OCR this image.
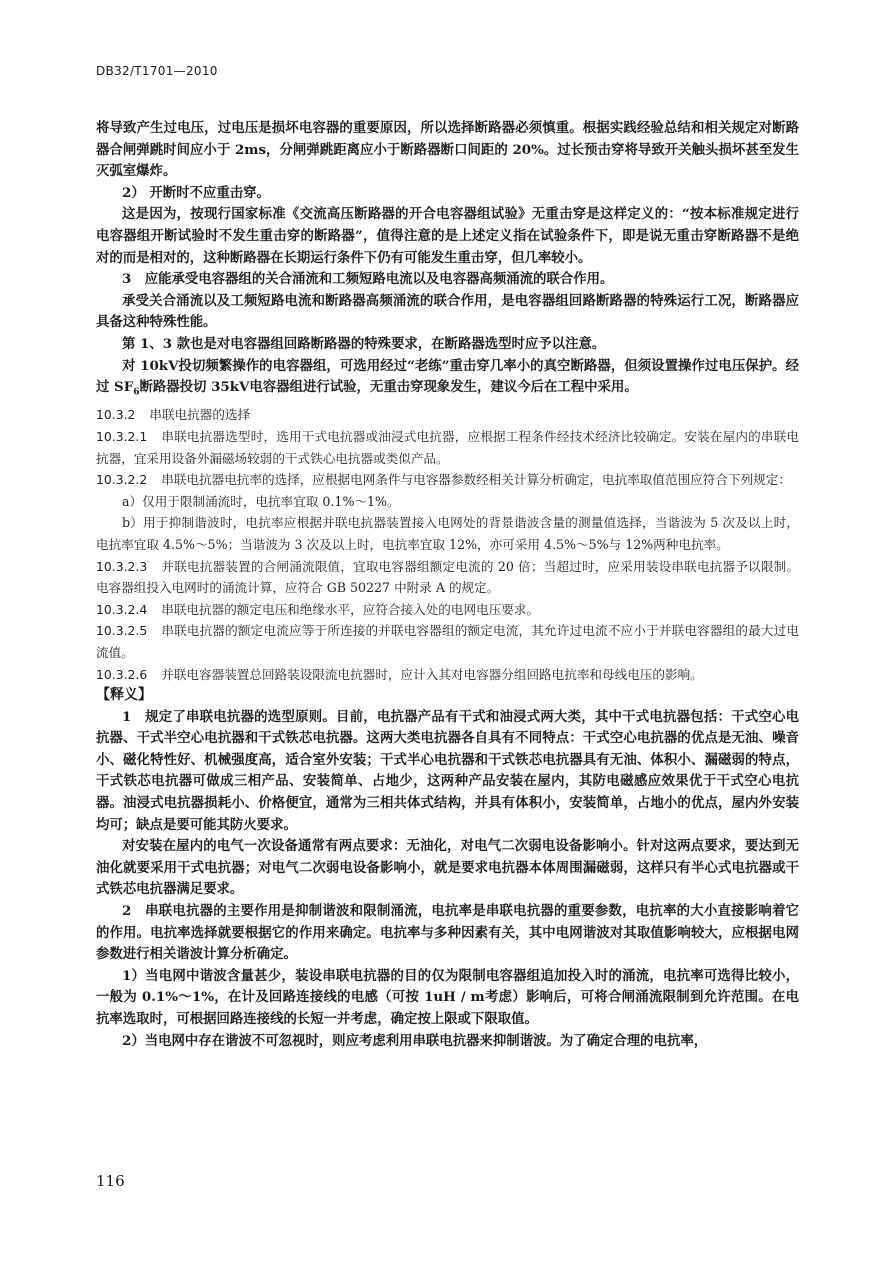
DB32/T1701—2010

将导致产生过电压，过电压是损坏电容器的重要原因，所以选择断路器必须慎重。根据实践经验总结和相关规定对断路器合闸弹跳时间应小于 2ms，分闸弹跳距离应小于断路器断口间距的 20%。过长预击穿将导致开关触头损坏甚至发生灭弧室爆炸。

2） 开断时不应重击穿。

这是因为，按现行国家标准《交流高压断路器的开合电容器组试验》无重击穿是这样定义的：“按本标准规定进行电容器组开断试验时不发生重击穿的断路器”，值得注意的是上述定义指在试验条件下，即是说无重击穿断路器不是绝对的而是相对的，这种断路器在长期运行条件下仍有可能发生重击穿，但几率较小。

3　应能承受电容器组的关合涌流和工频短路电流以及电容器高频涌流的联合作用。

承受关合涌流以及工频短路电流和断路器高频涌流的联合作用，是电容器组回路断路器的特殊运行工况，断路器应具备这种特殊性能。

第 1、3 款也是对电容器组回路断路器的特殊要求，在断路器选型时应予以注意。

对 10kV投切频繁操作的电容器组，可选用经过“老练”重击穿几率小的真空断路器，但须设置操作过电压保护。经过 $SF_6$断路器投切 35kV电容器组进行试验，无重击穿现象发生，建议今后在工程中采用。

10.3.2 串联电抗器的选择

10.3.2.1 串联电抗器选型时，选用干式电抗器或油浸式电抗器，应根据工程条件经技术经济比较确定。安装在屋内的串联电抗器，宜采用设备外漏磁场较弱的干式铁心电抗器或类似产品。

10.3.2.2 串联电抗器电抗率的选择，应根据电网条件与电容器参数经相关计算分析确定，电抗率取值范围应符合下列规定：

a）仅用于限制涌流时，电抗率宜取 0.1%～1%。

b）用于抑制谐波时，电抗率应根据并联电抗器装置接入电网处的背景谐波含量的测量值选择，当谐波为 5 次及以上时，电抗率宜取 4.5%～5%；当谐波为 3 次及以上时，电抗率宜取 12%，亦可采用 4.5%～5%与 12%两种电抗率。

10.3.2.3 并联电抗器装置的合闸涌流限值，宜取电容器组额定电流的 20 倍；当超过时，应采用装设串联电抗器予以限制。电容器组投入电网时的涌流计算，应符合 GB 50227 中附录 A 的规定。

10.3.2.4 串联电抗器的额定电压和绝缘水平，应符合接入处的电网电压要求。

10.3.2.5 串联电抗器的额定电流应等于所连接的并联电容器组的额定电流，其允许过电流不应小于并联电容器组的最大过电流值。

10.3.2.6 并联电容器装置总回路装设限流电抗器时，应计入其对电容器分组回路电抗率和母线电压的影响。

【释义】

1　规定了串联电抗器的选型原则。目前，电抗器产品有干式和油浸式两大类，其中干式电抗器包括：干式空心电抗器、干式半空心电抗器和干式铁芯电抗器。这两大类电抗器各自具有不同特点：干式空心电抗器的优点是无油、噪音小、磁化特性好、机械强度高，适合室外安装；干式半心电抗器和干式铁芯电抗器具有无油、体积小、漏磁弱的特点，干式铁芯电抗器可做成三相产品、安装简单、占地少，这两种产品安装在屋内，其防电磁感应效果优于干式空心电抗器。油浸式电抗器损耗小、价格便宜，通常为三相共体式结构，并具有体积小，安装简单，占地小的优点，屋内外安装均可；缺点是要可能其防火要求。

对安装在屋内的电气一次设备通常有两点要求：无油化，对电气二次弱电设备影响小。针对这两点要求，要达到无油化就要采用干式电抗器；对电气二次弱电设备影响小，就是要求电抗器本体周围漏磁弱，这样只有半心式电抗器或干式铁芯电抗器满足要求。

2　串联电抗器的主要作用是抑制谐波和限制涌流，电抗率是串联电抗器的重要参数，电抗率的大小直接影响着它的作用。电抗率选择就要根据它的作用来确定。电抗率与多种因素有关，其中电网谐波对其取值影响较大，应根据电网参数进行相关谐波计算分析确定。

1）当电网中谐波含量甚少，装设串联电抗器的目的仅为限制电容器组追加投入时的涌流，电抗率可选得比较小，一般为 0.1%～1%，在计及回路连接线的电感（可按 1uH / m考虑）影响后，可将合闸涌流限制到允许范围。在电抗率选取时，可根据回路连接线的长短一并考虑，确定按上限或下限取值。

2）当电网中存在谐波不可忽视时，则应考虑利用串联电抗器来抑制谐波。为了确定合理的电抗率，

116
